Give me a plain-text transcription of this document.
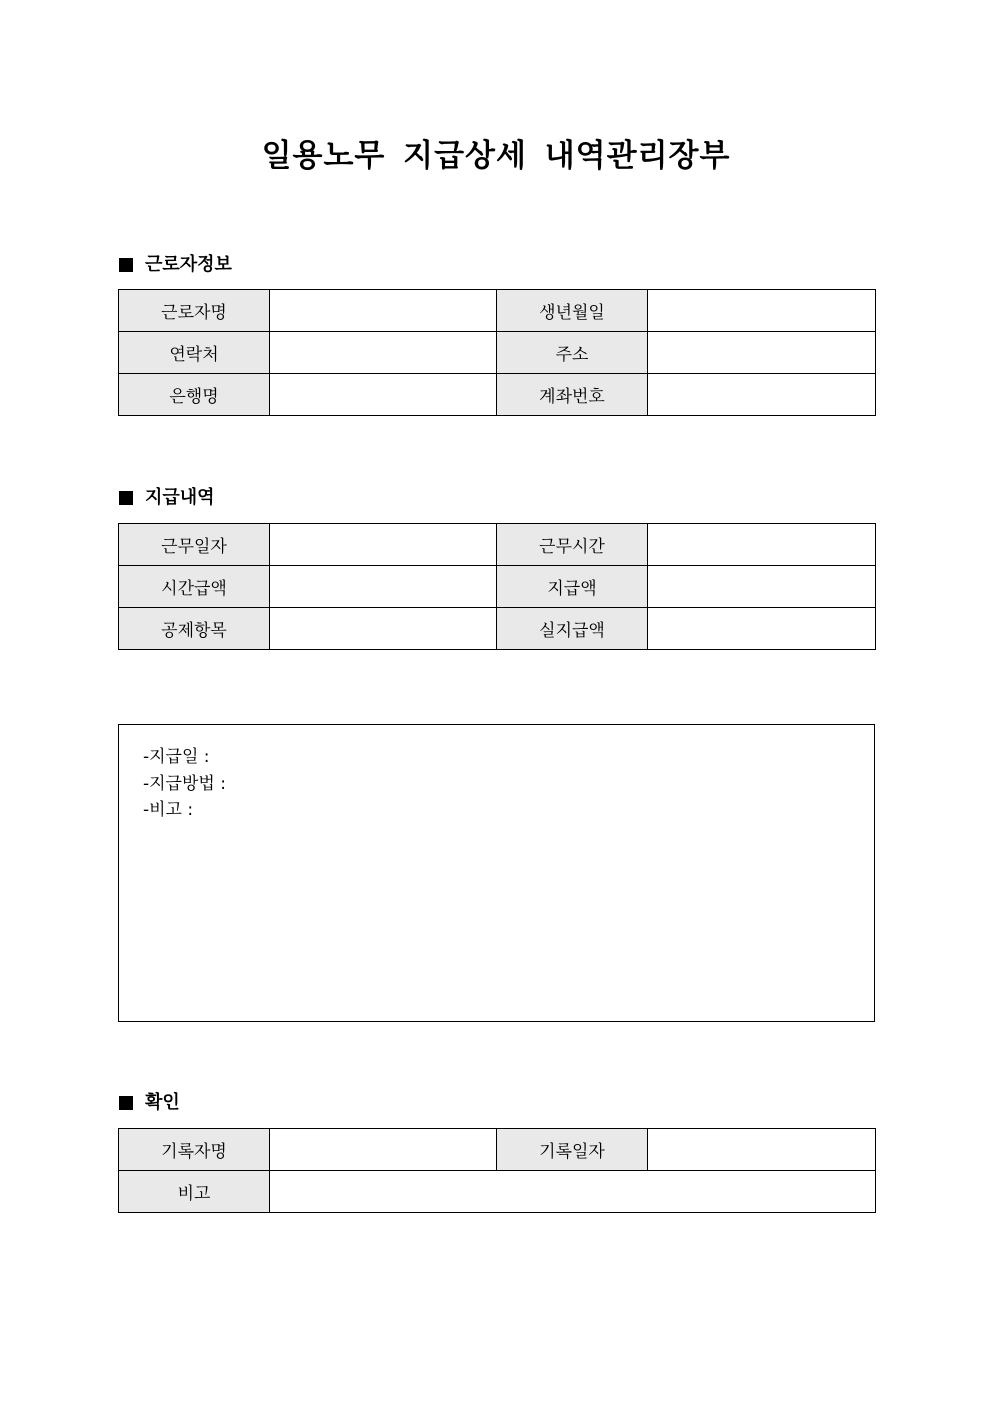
일용노무 지급상세 내역관리장부
근로자정보
근로자명		생년월일	
연락처		주소	
은행명		계좌번호	
지급내역
근무일자		근무시간	
시간급액		지급액	
공제항목		실지급액	
-지급일 :
-지급방법 :
-비고 :
확인
기록자명		기록일자	
비고			
